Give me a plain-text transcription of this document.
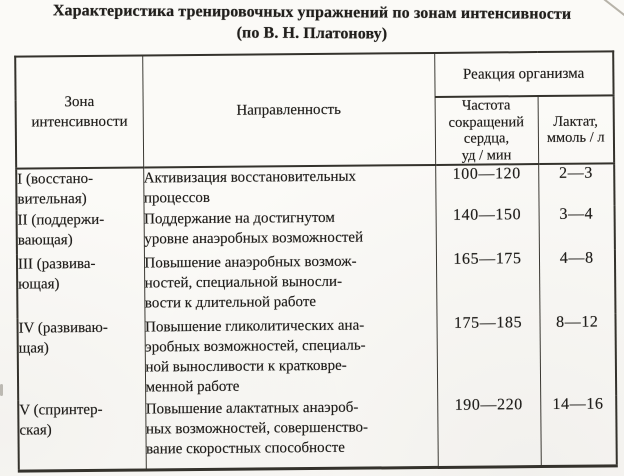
Характеристика тренировочных упражнений по зонам интенсивности
(по В. Н. Платонову)
Зона
интенсивности	Направленность	Реакция организма	
		Частота
сокращений
сердца,
уд / мин	Лактат,
ммоль / л
I (восстано-
вительная)	Активизация восстановительных
процессов	100—120	2—3
II (поддержи-
вающая)	Поддержание на достигнутом
уровне анаэробных возможностей	140—150	3—4
III (развива-
ющая)	Повышение анаэробных возмож-
ностей, специальной выносли-
вости к длительной работе	165—175	4—8
IV (развиваю-
щая)	Повышение гликолитических ана-
эробных возможностей, специаль-
ной выносливости к кратковре-
менной работе	175—185	8—12
V (спринтер-
ская)	Повышение алактатных анаэроб-
ных возможностей, совершенство-
вание скоростных способносте	190—220	14—16
